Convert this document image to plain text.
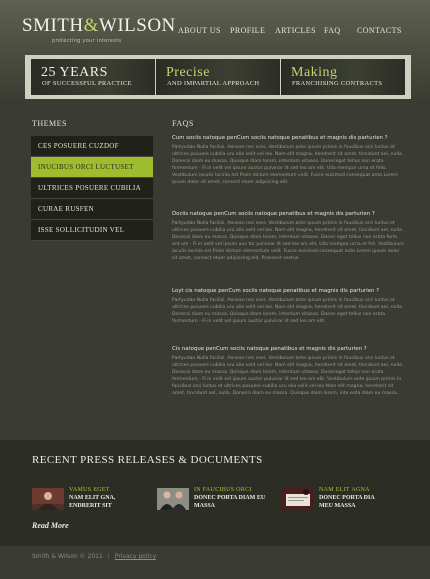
SMITH&WILSON
protecting your interests
ABOUT US	PROFILE	ARTICLES FAQ	CONTACTS
25 YEARS
OF SUCCESSFUL PRACTICE
Precise
AND IMPARTIAL APPROACH
Making
FRANCHISING CONTRACTS
THEMES
CES POSUERE CUZDOF
INUCIBUS ORCI LUCTUSET
ULTRICES POSUERE CUBILIA
CURAE RUSFEN
ISSE SOLLICITUDIN VEL
FAQS
Cum sociis natoque penCum sociis natoque penatibus et magnis dis parturien ?
Partyudao Nulla facilisi. Aenean nec eros. Vestibulum ante ipsum primis in faucibus orci luctus et ultrices posuere cubilia uru alia velit vel leo. Nam elit magna, hendrerit sit amet, tincidunt ael, nulla. Donecsi diam eu massa. Quisque diam lorem, interdum vitaeos. Donecegot tellus non erata fermentum - Fi in velit vel ipsum auctor pulvinar lit sed leo am elit. Ulla mempor urna et felis. Vestibulum iaculis lacinia est Proin dictum elementum velit. Fusce euismod consequat ante.Lorem ipsum dolor sit amet, consect etuer adipiscing elit.
Dociis natoque penCum sociis natoque penatibus et magnis dis parturien ?
Partyudao Nulla facilisi. Aenean nec eros. Vestibulum ante ipsum primis in faucibus orci luctus et ultrices posuere cubilia uru alia velit vel leo. Nam elit magna, hendrerit sit amet, tincidunt ael, nulla. Donecsi diam eu massa. Quisque diam lorem, interdum vitaeos. Donec eget tellus non erata ferm ent um - Fi in velit vel ipsum auc tor pulvinar lit sed leo am elit. Ulla mempor urna et feli. Vestibulum iaculis lacinia est Proin dictum elementum velit. Fusce euismod consequat ante.Lorem ipsum dolor sit amet, consect etuer adipiscing elit. Praesent vestue
Loyt cis natoque penCum sociis natoque penatibus et magnis dis parturien ?
Partyudao Nulla facilisi. Aenean nec eros. Vestibulum ante ipsum primis in faucibus orci luctus et ultrices posuere cubilia uru alia velit vel leo. Nam elit magna, hendrerit sit amet, tincidunt ael, nulla. Donecsi diam eu massa. Quisque diam lorem, interdum vitaeos. Donec eget tellus non erata fermentum - Fi in velit vel ipsum auctor pulvinar lit sed leo am elit.
Cis natoque penCum sociis natoque penatibus et magnis dis parturien ?
Partyudao Nulla facilisi. Aenean nec eros. Vestibulum ante ipsum primis in faucibus orci luctus et ultrices posuere cubilia uru alia velit vel leo. Nam elit magna, hendrerit sit amet, tincidunt ael, nulla. Donecsi diam eu massa. Quisque diam lorem, interdum vitaeos. Donecegot tellus non erata fermentum - Fi in velit vel ipsum auctor pulvinar lit sed leo am elit. Vestibulum ante ipsum primis in faucibus orci luctus et ultrices posuere cubilia uru alia velit vel leo.Nam elit magna, hendrerit sit amet, tincidunt ael, nulla. Donecsi diam eu massa. Quisque diam lorem, inte erda diam eu massa.
RECENT PRESS RELEASES & DOCUMENTS
VAMUS EGET
NAM ELIT GNA,
ENDRERIT SIT
IN FAUCIBUS ORCI
DONEC PORTA DIAM EU
MASSA
NAM ELIT AGNA
DONEC PORTA DIA
MEU MASSA
Read More
Smith & Wilson © 2011 | Privacy policy
